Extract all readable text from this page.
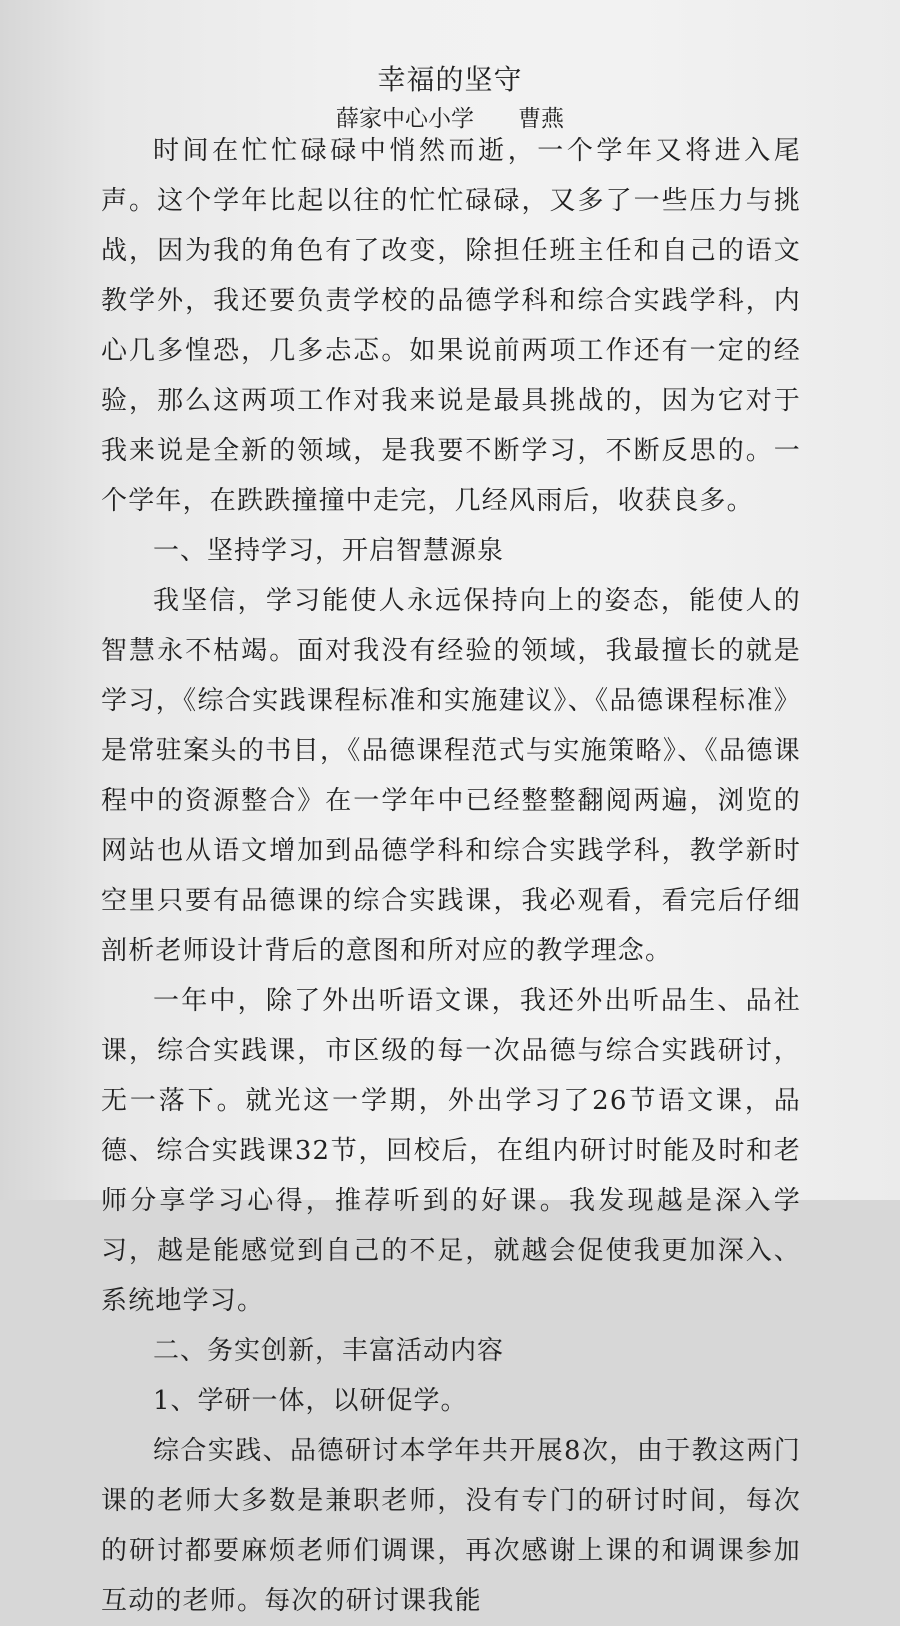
幸福的坚守
薛家中心小学 曹燕

时间在忙忙碌碌中悄然而逝，一个学年又将进入尾声。这个学年比起以往的忙忙碌碌，又多了一些压力与挑战，因为我的角色有了改变，除担任班主任和自己的语文教学外，我还要负责学校的品德学科和综合实践学科，内心几多惶恐，几多忐忑。如果说前两项工作还有一定的经验，那么这两项工作对我来说是最具挑战的，因为它对于我来说是全新的领域，是我要不断学习，不断反思的。一个学年，在跌跌撞撞中走完，几经风雨后，收获良多。

一、坚持学习，开启智慧源泉

我坚信，学习能使人永远保持向上的姿态，能使人的智慧永不枯竭。面对我没有经验的领域，我最擅长的就是学习，《综合实践课程标准和实施建议》、《品德课程标准》是常驻案头的书目，《品德课程范式与实施策略》、《品德课程中的资源整合》在一学年中已经整整翻阅两遍，浏览的网站也从语文增加到品德学科和综合实践学科，教学新时空里只要有品德课的综合实践课，我必观看，看完后仔细剖析老师设计背后的意图和所对应的教学理念。

一年中，除了外出听语文课，我还外出听品生、品社课，综合实践课，市区级的每一次品德与综合实践研讨，无一落下。就光这一学期，外出学习了26节语文课，品德、综合实践课32节，回校后，在组内研讨时能及时和老师分享学习心得，推荐听到的好课。我发现越是深入学习，越是能感觉到自己的不足，就越会促使我更加深入、系统地学习。

二、务实创新，丰富活动内容

1、学研一体，以研促学。

综合实践、品德研讨本学年共开展8次，由于教这两门课的老师大多数是兼职老师，没有专门的研讨时间，每次的研讨都要麻烦老师们调课，再次感谢上课的和调课参加互动的老师。每次的研讨课我能
